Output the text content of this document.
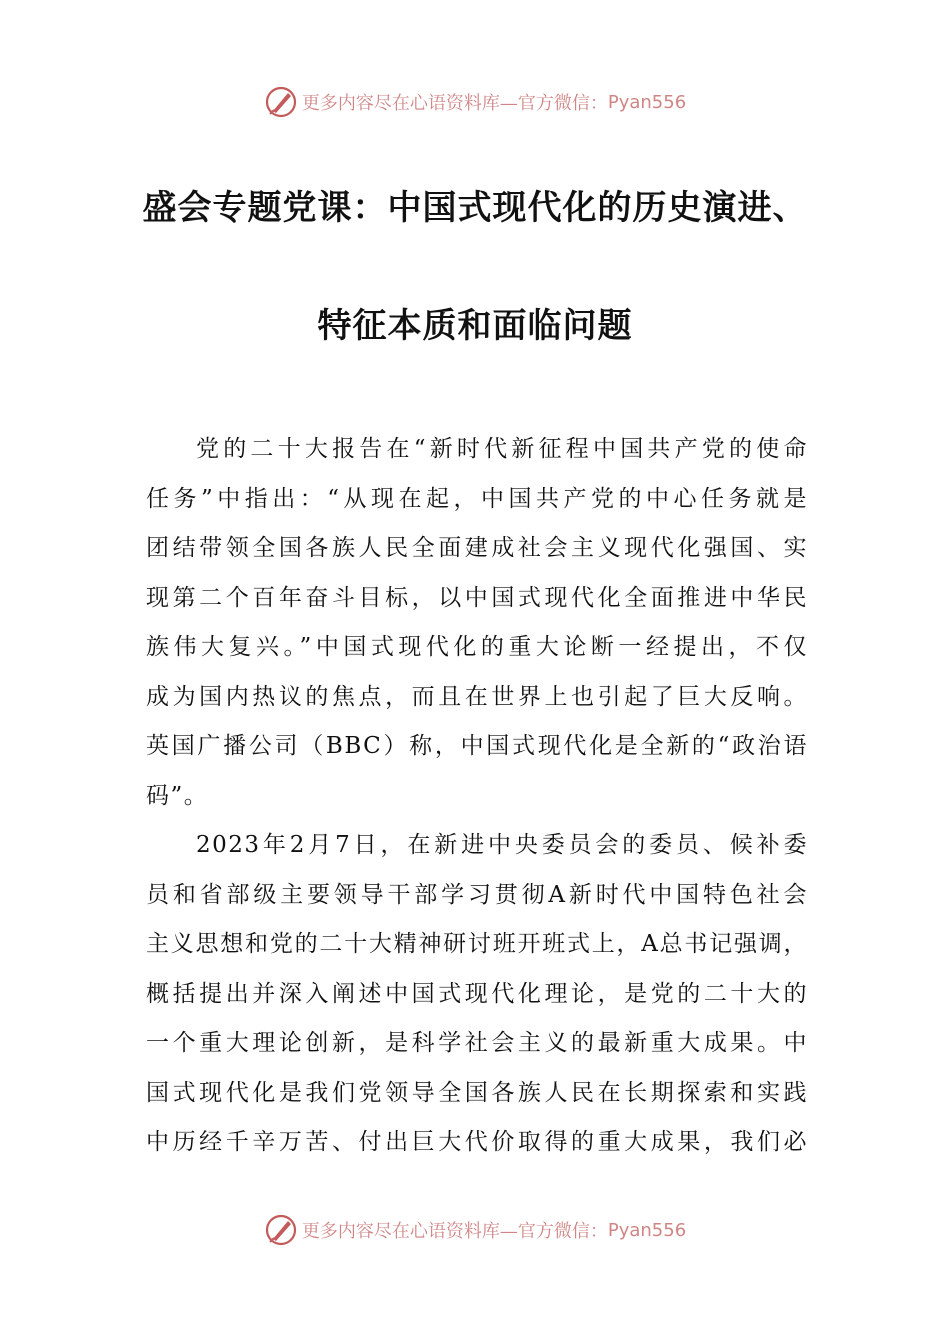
更多内容尽在心语资料库—官方微信： Pyan556
盛会专题党课：中国式现代化的历史演进、
特征本质和面临问题

党的二十大报告在“新时代新征程中国共产党的使命
任务”中指出：“从现在起，中国共产党的中心任务就是
团结带领全国各族人民全面建成社会主义现代化强国、实
现第二个百年奋斗目标，以中国式现代化全面推进中华民
族伟大复兴。”中国式现代化的重大论断一经提出，不仅
成为国内热议的焦点，而且在世界上也引起了巨大反响。
英国广播公司（BBC）称，中国式现代化是全新的“政治语
码”。

2023年2月7日，在新进中央委员会的委员、候补委
员和省部级主要领导干部学习贯彻A新时代中国特色社会
主义思想和党的二十大精神研讨班开班式上，A总书记强调，
概括提出并深入阐述中国式现代化理论，是党的二十大的
一个重大理论创新，是科学社会主义的最新重大成果。中
国式现代化是我们党领导全国各族人民在长期探索和实践
中历经千辛万苦、付出巨大代价取得的重大成果，我们必

更多内容尽在心语资料库—官方微信： Pyan556
